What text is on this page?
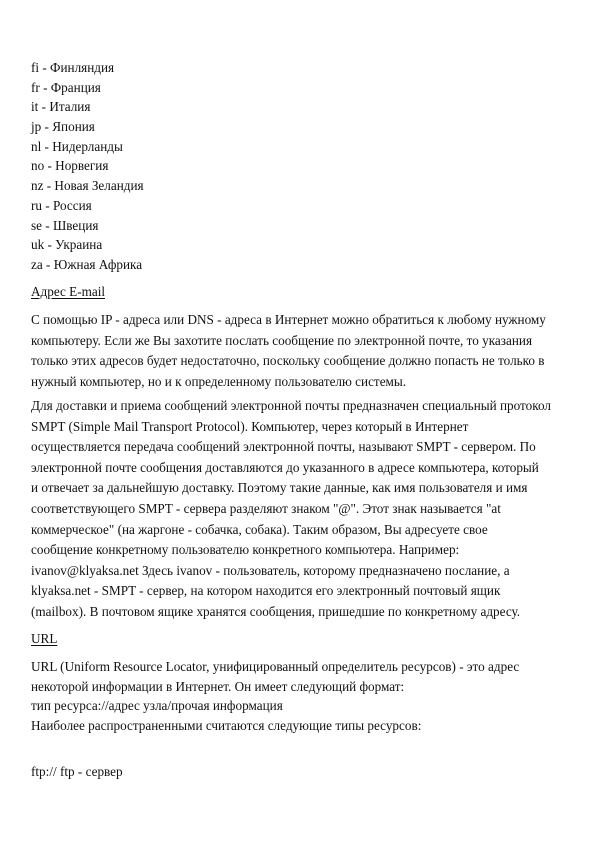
fi - Финляндия
fr - Франция
it - Италия
jp - Япония
nl - Нидерланды
no - Норвегия
nz - Новая Зеландия
ru - Россия
se - Швеция
uk - Украина
za - Южная Африка
Адрес E-mail

С помощью IP - адреса или DNS - адреса в Интернет можно обратиться к любому нужному
компьютеру. Если же Вы захотите послать сообщение по электронной почте, то указания
только этих адресов будет недостаточно, поскольку сообщение должно попасть не только в
нужный компьютер, но и к определенному пользователю системы.

Для доставки и приема сообщений электронной почты предназначен специальный протокол
SMPT (Simple Mail Transport Protocol). Компьютер, через который в Интернет
осуществляется передача сообщений электронной почты, называют SMPT - сервером. По
электронной почте сообщения доставляются до указанного в адресе компьютера, который
и отвечает за дальнейшую доставку. Поэтому такие данные, как имя пользователя и имя
соответствующего SMPT - сервера разделяют знаком "@". Этот знак называется "at
коммерческое" (на жаргоне - собачка, собака). Таким образом, Вы адресуете свое
сообщение конкретному пользователю конкретного компьютера. Например:
ivanov@klyaksa.net Здесь ivanov - пользователь, которому предназначено послание, а
klyaksa.net - SMPT - сервер, на котором находится его электронный почтовый ящик
(mailbox). В почтовом ящике хранятся сообщения, пришедшие по конкретному адресу.

URL

URL (Uniform Resource Locator, унифицированный определитель ресурсов) - это адрес
некоторой информации в Интернет. Он имеет следующий формат:
тип ресурса://адрес узла/прочая информация
Наиболее распространенными считаются следующие типы ресурсов:

ftp:// ftp - сервер
